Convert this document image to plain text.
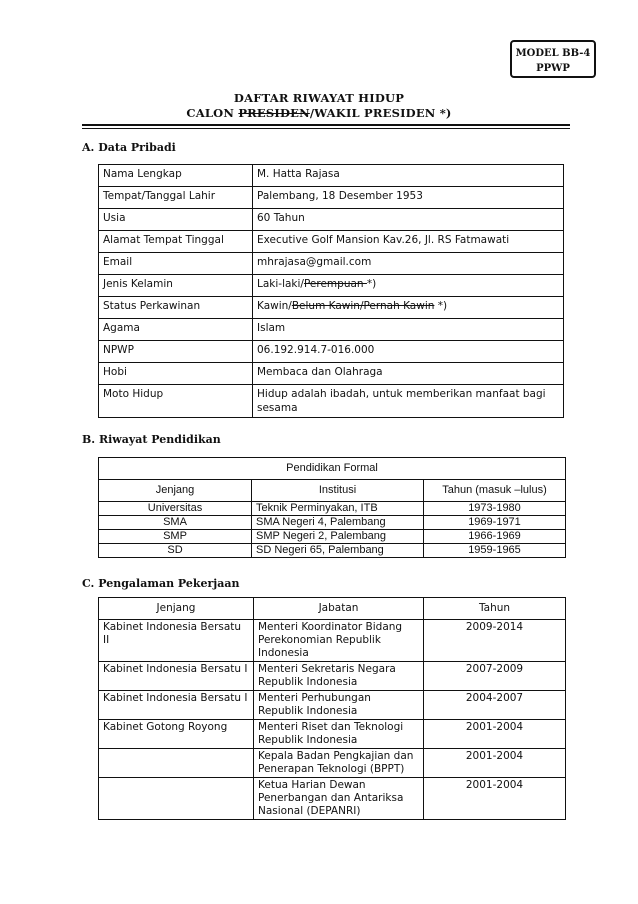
MODEL BB-4
PPWP
DAFTAR RIWAYAT HIDUP
CALON PRESIDEN/WAKIL PRESIDEN *)
A. Data Pribadi
Nama Lengkap	M. Hatta Rajasa
Tempat/Tanggal Lahir	Palembang, 18 Desember 1953
Usia	60 Tahun
Alamat Tempat Tinggal	Executive Golf Mansion Kav.26, Jl. RS Fatmawati
Email	mhrajasa@gmail.com
Jenis Kelamin	Laki-laki/Perempuan *)
Status Perkawinan	Kawin/Belum Kawin/Pernah Kawin *)
Agama	Islam
NPWP	06.192.914.7-016.000
Hobi	Membaca dan Olahraga
Moto Hidup	Hidup adalah ibadah, untuk memberikan manfaat bagi sesama
B. Riwayat Pendidikan
Pendidikan Formal		
Jenjang	Institusi	Tahun (masuk –lulus)
Universitas	Teknik Perminyakan, ITB	1973-1980
SMA	SMA Negeri 4, Palembang	1969-1971
SMP	SMP Negeri 2, Palembang	1966-1969
SD	SD Negeri 65, Palembang	1959-1965
C. Pengalaman Pekerjaan
Jenjang	Jabatan	Tahun
Kabinet Indonesia Bersatu II	Menteri Koordinator Bidang Perekonomian Republik Indonesia	2009-2014
Kabinet Indonesia Bersatu I	Menteri Sekretaris Negara Republik Indonesia	2007-2009
Kabinet Indonesia Bersatu I	Menteri Perhubungan Republik Indonesia	2004-2007
Kabinet Gotong Royong	Menteri Riset dan Teknologi Republik Indonesia	2001-2004
	Kepala Badan Pengkajian dan Penerapan Teknologi (BPPT)	2001-2004
	Ketua Harian Dewan Penerbangan dan Antariksa Nasional (DEPANRI)	2001-2004
